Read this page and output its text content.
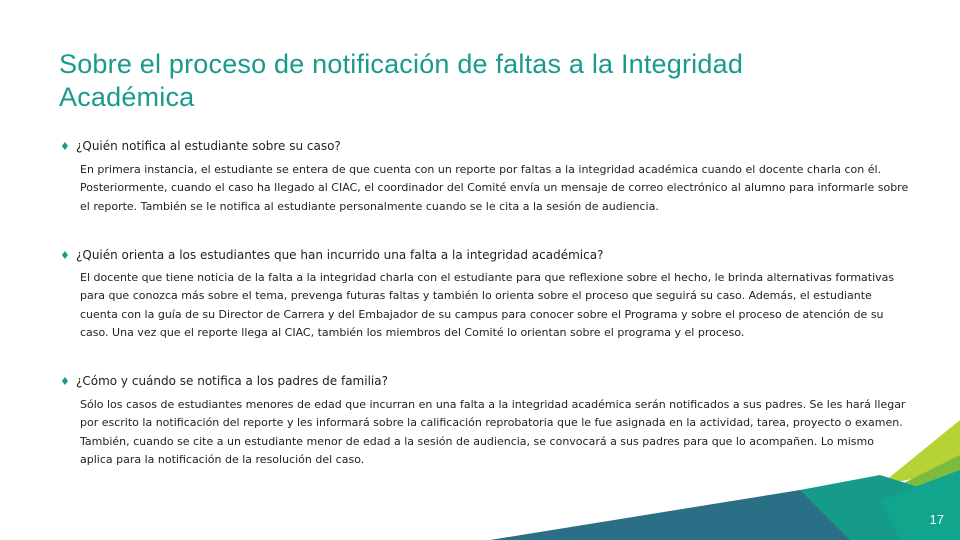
Sobre el proceso de notificación de faltas a la Integridad Académica
♦ ¿Quién notifica al estudiante sobre su caso?

En primera instancia, el estudiante se entera de que cuenta con un reporte por faltas a la integridad académica cuando el docente charla con él. Posteriormente, cuando el caso ha llegado al CIAC, el coordinador del Comité envía un mensaje de correo electrónico al alumno para informarle sobre el reporte. También se le notifica al estudiante personalmente cuando se le cita a la sesión de audiencia.

♦ ¿Quién orienta a los estudiantes que han incurrido una falta a la integridad académica?

El docente que tiene noticia de la falta a la integridad charla con el estudiante para que reflexione sobre el hecho, le brinda alternativas formativas para que conozca más sobre el tema, prevenga futuras faltas y también lo orienta sobre el proceso que seguirá su caso. Además, el estudiante cuenta con la guía de su Director de Carrera y del Embajador de su campus para conocer sobre el Programa y sobre el proceso de atención de su caso. Una vez que el reporte llega al CIAC, también los miembros del Comité lo orientan sobre el programa y el proceso.

♦ ¿Cómo y cuándo se notifica a los padres de familia?

Sólo los casos de estudiantes menores de edad que incurran en una falta a la integridad académica serán notificados a sus padres. Se les hará llegar por escrito la notificación del reporte y les informará sobre la calificación reprobatoria que le fue asignada en la actividad, tarea, proyecto o examen. También, cuando se cite a un estudiante menor de edad a la sesión de audiencia, se convocará a sus padres para que lo acompañen. Lo mismo aplica para la notificación de la resolución del caso.

17
